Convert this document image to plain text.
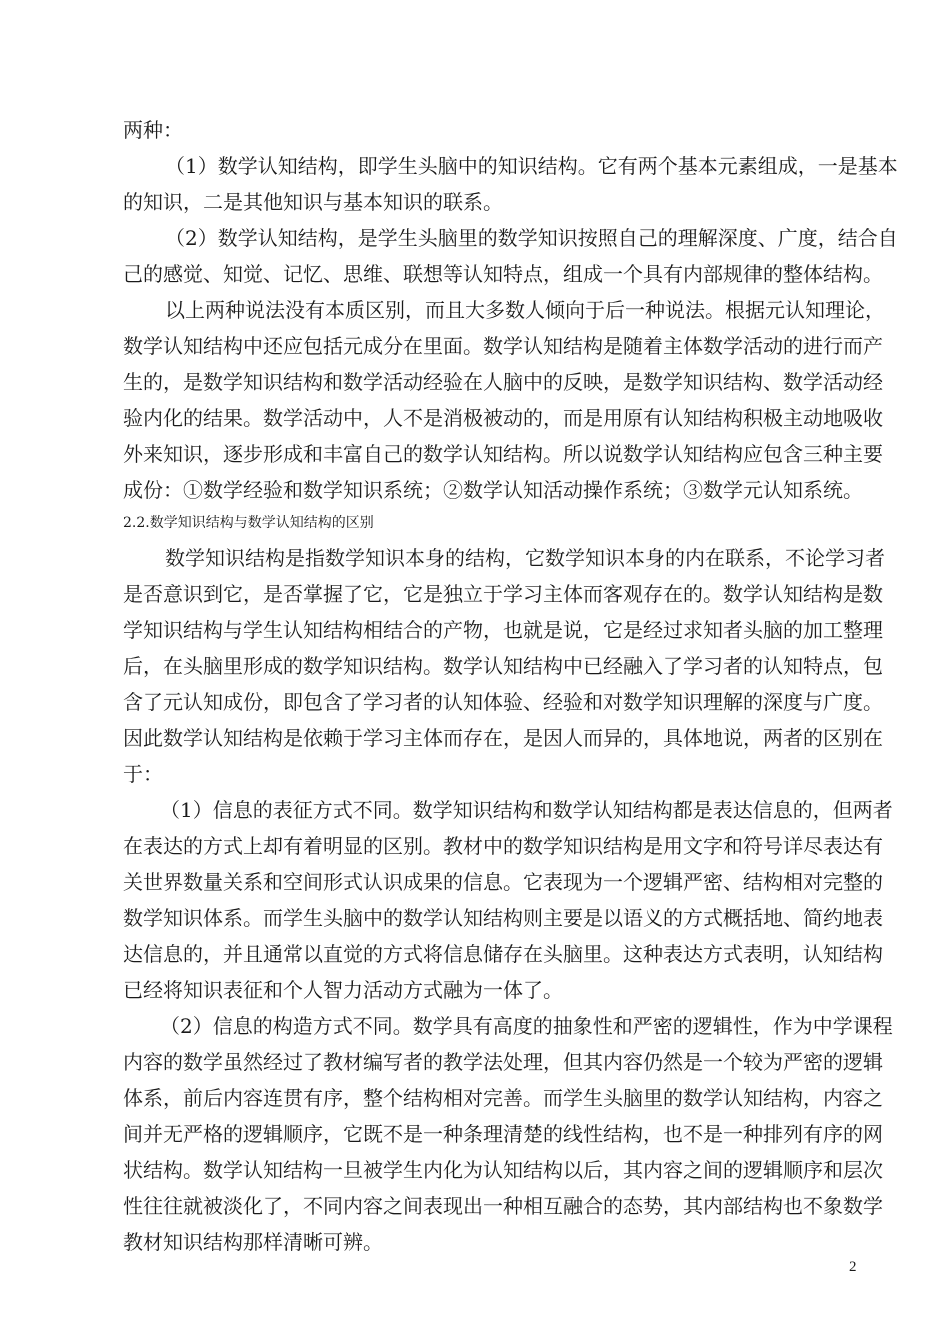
两种：
（1）数学认知结构，即学生头脑中的知识结构。它有两个基本元素组成，一是基本
的知识，二是其他知识与基本知识的联系。
（2）数学认知结构，是学生头脑里的数学知识按照自己的理解深度、广度，结合自
己的感觉、知觉、记忆、思维、联想等认知特点，组成一个具有内部规律的整体结构。
以上两种说法没有本质区别，而且大多数人倾向于后一种说法。根据元认知理论，
数学认知结构中还应包括元成分在里面。数学认知结构是随着主体数学活动的进行而产
生的，是数学知识结构和数学活动经验在人脑中的反映，是数学知识结构、数学活动经
验内化的结果。数学活动中，人不是消极被动的，而是用原有认知结构积极主动地吸收
外来知识，逐步形成和丰富自己的数学认知结构。所以说数学认知结构应包含三种主要
成份：①数学经验和数学知识系统；②数学认知活动操作系统；③数学元认知系统。
2.2.数学知识结构与数学认知结构的区别
数学知识结构是指数学知识本身的结构，它数学知识本身的内在联系，不论学习者
是否意识到它，是否掌握了它，它是独立于学习主体而客观存在的。数学认知结构是数
学知识结构与学生认知结构相结合的产物，也就是说，它是经过求知者头脑的加工整理
后，在头脑里形成的数学知识结构。数学认知结构中已经融入了学习者的认知特点，包
含了元认知成份，即包含了学习者的认知体验、经验和对数学知识理解的深度与广度。
因此数学认知结构是依赖于学习主体而存在，是因人而异的，具体地说，两者的区别在
于：
（1）信息的表征方式不同。数学知识结构和数学认知结构都是表达信息的，但两者
在表达的方式上却有着明显的区别。教材中的数学知识结构是用文字和符号详尽表达有
关世界数量关系和空间形式认识成果的信息。它表现为一个逻辑严密、结构相对完整的
数学知识体系。而学生头脑中的数学认知结构则主要是以语义的方式概括地、简约地表
达信息的，并且通常以直觉的方式将信息储存在头脑里。这种表达方式表明，认知结构
已经将知识表征和个人智力活动方式融为一体了。
（2）信息的构造方式不同。数学具有高度的抽象性和严密的逻辑性，作为中学课程
内容的数学虽然经过了教材编写者的教学法处理，但其内容仍然是一个较为严密的逻辑
体系，前后内容连贯有序，整个结构相对完善。而学生头脑里的数学认知结构，内容之
间并无严格的逻辑顺序，它既不是一种条理清楚的线性结构，也不是一种排列有序的网
状结构。数学认知结构一旦被学生内化为认知结构以后，其内容之间的逻辑顺序和层次
性往往就被淡化了，不同内容之间表现出一种相互融合的态势，其内部结构也不象数学
教材知识结构那样清晰可辨。
2
